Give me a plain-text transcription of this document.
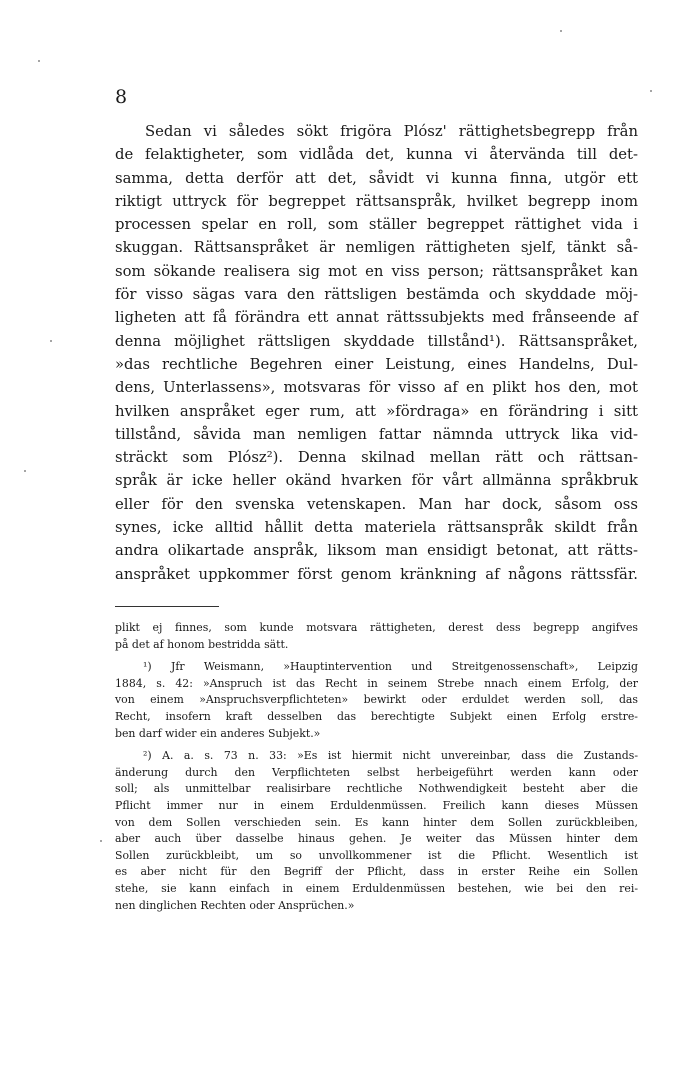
8
Sedan vi således sökt frigöra Plósz' rättighetsbegrepp från
de felaktigheter, som vidlåda det, kunna vi återvända till det-
samma, detta derför att det, såvidt vi kunna finna, utgör ett
riktigt uttryck för begreppet rättsanspråk, hvilket begrepp inom
processen spelar en roll, som ställer begreppet rättighet vida i
skuggan. Rättsanspråket är nemligen rättigheten sjelf, tänkt så-
som sökande realisera sig mot en viss person; rättsanspråket kan
för visso sägas vara den rättsligen bestämda och skyddade möj-
ligheten att få förändra ett annat rättssubjekts med frånseende af
denna möjlighet rättsligen skyddade tillstånd¹). Rättsanspråket,
»das rechtliche Begehren einer Leistung, eines Handelns, Dul-
dens, Unterlassens», motsvaras för visso af en plikt hos den, mot
hvilken anspråket eger rum, att »fördraga» en förändring i sitt
tillstånd, såvida man nemligen fattar nämnda uttryck lika vid-
sträckt som Plósz²). Denna skilnad mellan rätt och rättsan-
språk är icke heller okänd hvarken för vårt allmänna språkbruk
eller för den svenska vetenskapen. Man har dock, såsom oss
synes, icke alltid hållit detta materiela rättsanspråk skildt från
andra olikartade anspråk, liksom man ensidigt betonat, att rätts-
anspråket uppkommer först genom kränkning af någons rättssfär.
plikt ej finnes, som kunde motsvara rättigheten, derest dess begrepp angifves
på det af honom bestridda sätt.
¹) Jfr Weismann, »Hauptintervention und Streitgenossenschaft», Leipzig
1884, s. 42: »Anspruch ist das Recht in seinem Strebe nnach einem Erfolg, der
von einem »Anspruchsverpflichteten» bewirkt oder erduldet werden soll, das
Recht, insofern kraft desselben das berechtigte Subjekt einen Erfolg erstre-
ben darf wider ein anderes Subjekt.»
²) A. a. s. 73 n. 33: »Es ist hiermit nicht unvereinbar, dass die Zustands-
änderung durch den Verpflichteten selbst herbeigeführt werden kann oder
soll; als unmittelbar realisirbare rechtliche Nothwendigkeit besteht aber die
Pflicht immer nur in einem Erduldenmüssen. Freilich kann dieses Müssen
von dem Sollen verschieden sein. Es kann hinter dem Sollen zurückbleiben,
aber auch über dasselbe hinaus gehen. Je weiter das Müssen hinter dem
Sollen zurückbleibt, um so unvollkommener ist die Pflicht. Wesentlich ist
es aber nicht für den Begriff der Pflicht, dass in erster Reihe ein Sollen
stehe, sie kann einfach in einem Erduldenmüssen bestehen, wie bei den rei-
nen dinglichen Rechten oder Ansprüchen.»
